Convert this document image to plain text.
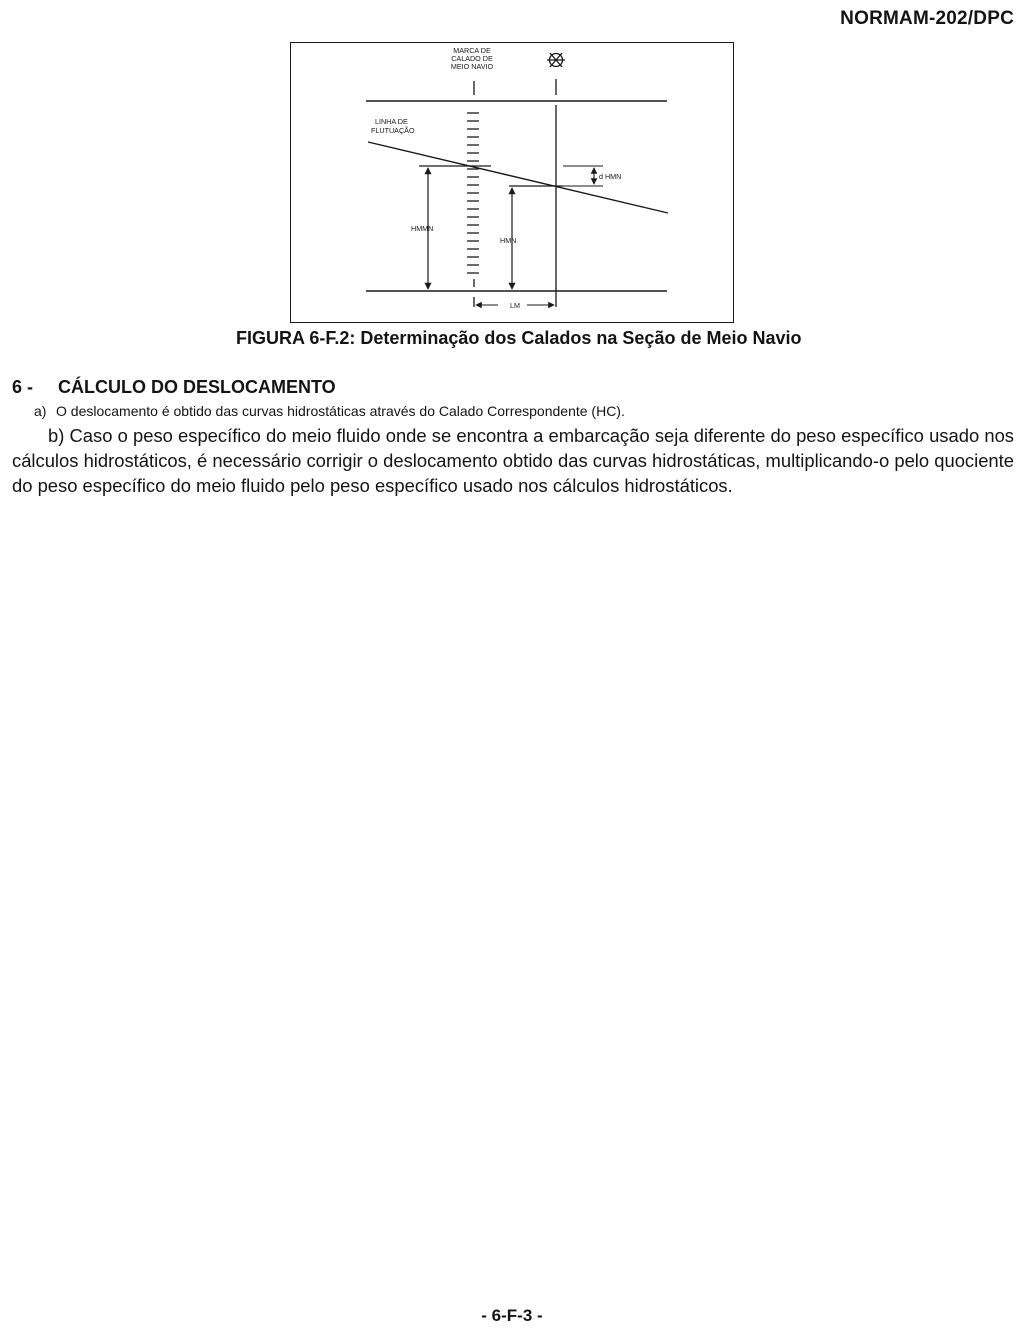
NORMAM-202/DPC
MARCA DE
CALADO DE
MEIO NAVIO
LINHA DE
FLUTUAÇÃO
d HMN
HMMN
HMN
LM
FIGURA 6-F.2: Determinação dos Calados na Seção de Meio Navio
6 - CÁLCULO DO DESLOCAMENTO
a) O deslocamento é obtido das curvas hidrostáticas através do Calado Correspondente (HC).

b) Caso o peso específico do meio fluido onde se encontra a embarcação seja diferente do peso específico usado nos cálculos hidrostáticos, é necessário corrigir o deslocamento obtido das curvas hidrostáticas, multiplicando-o pelo quociente do peso específico do meio fluido pelo peso específico usado nos cálculos hidrostáticos.

- 6-F-3 -
